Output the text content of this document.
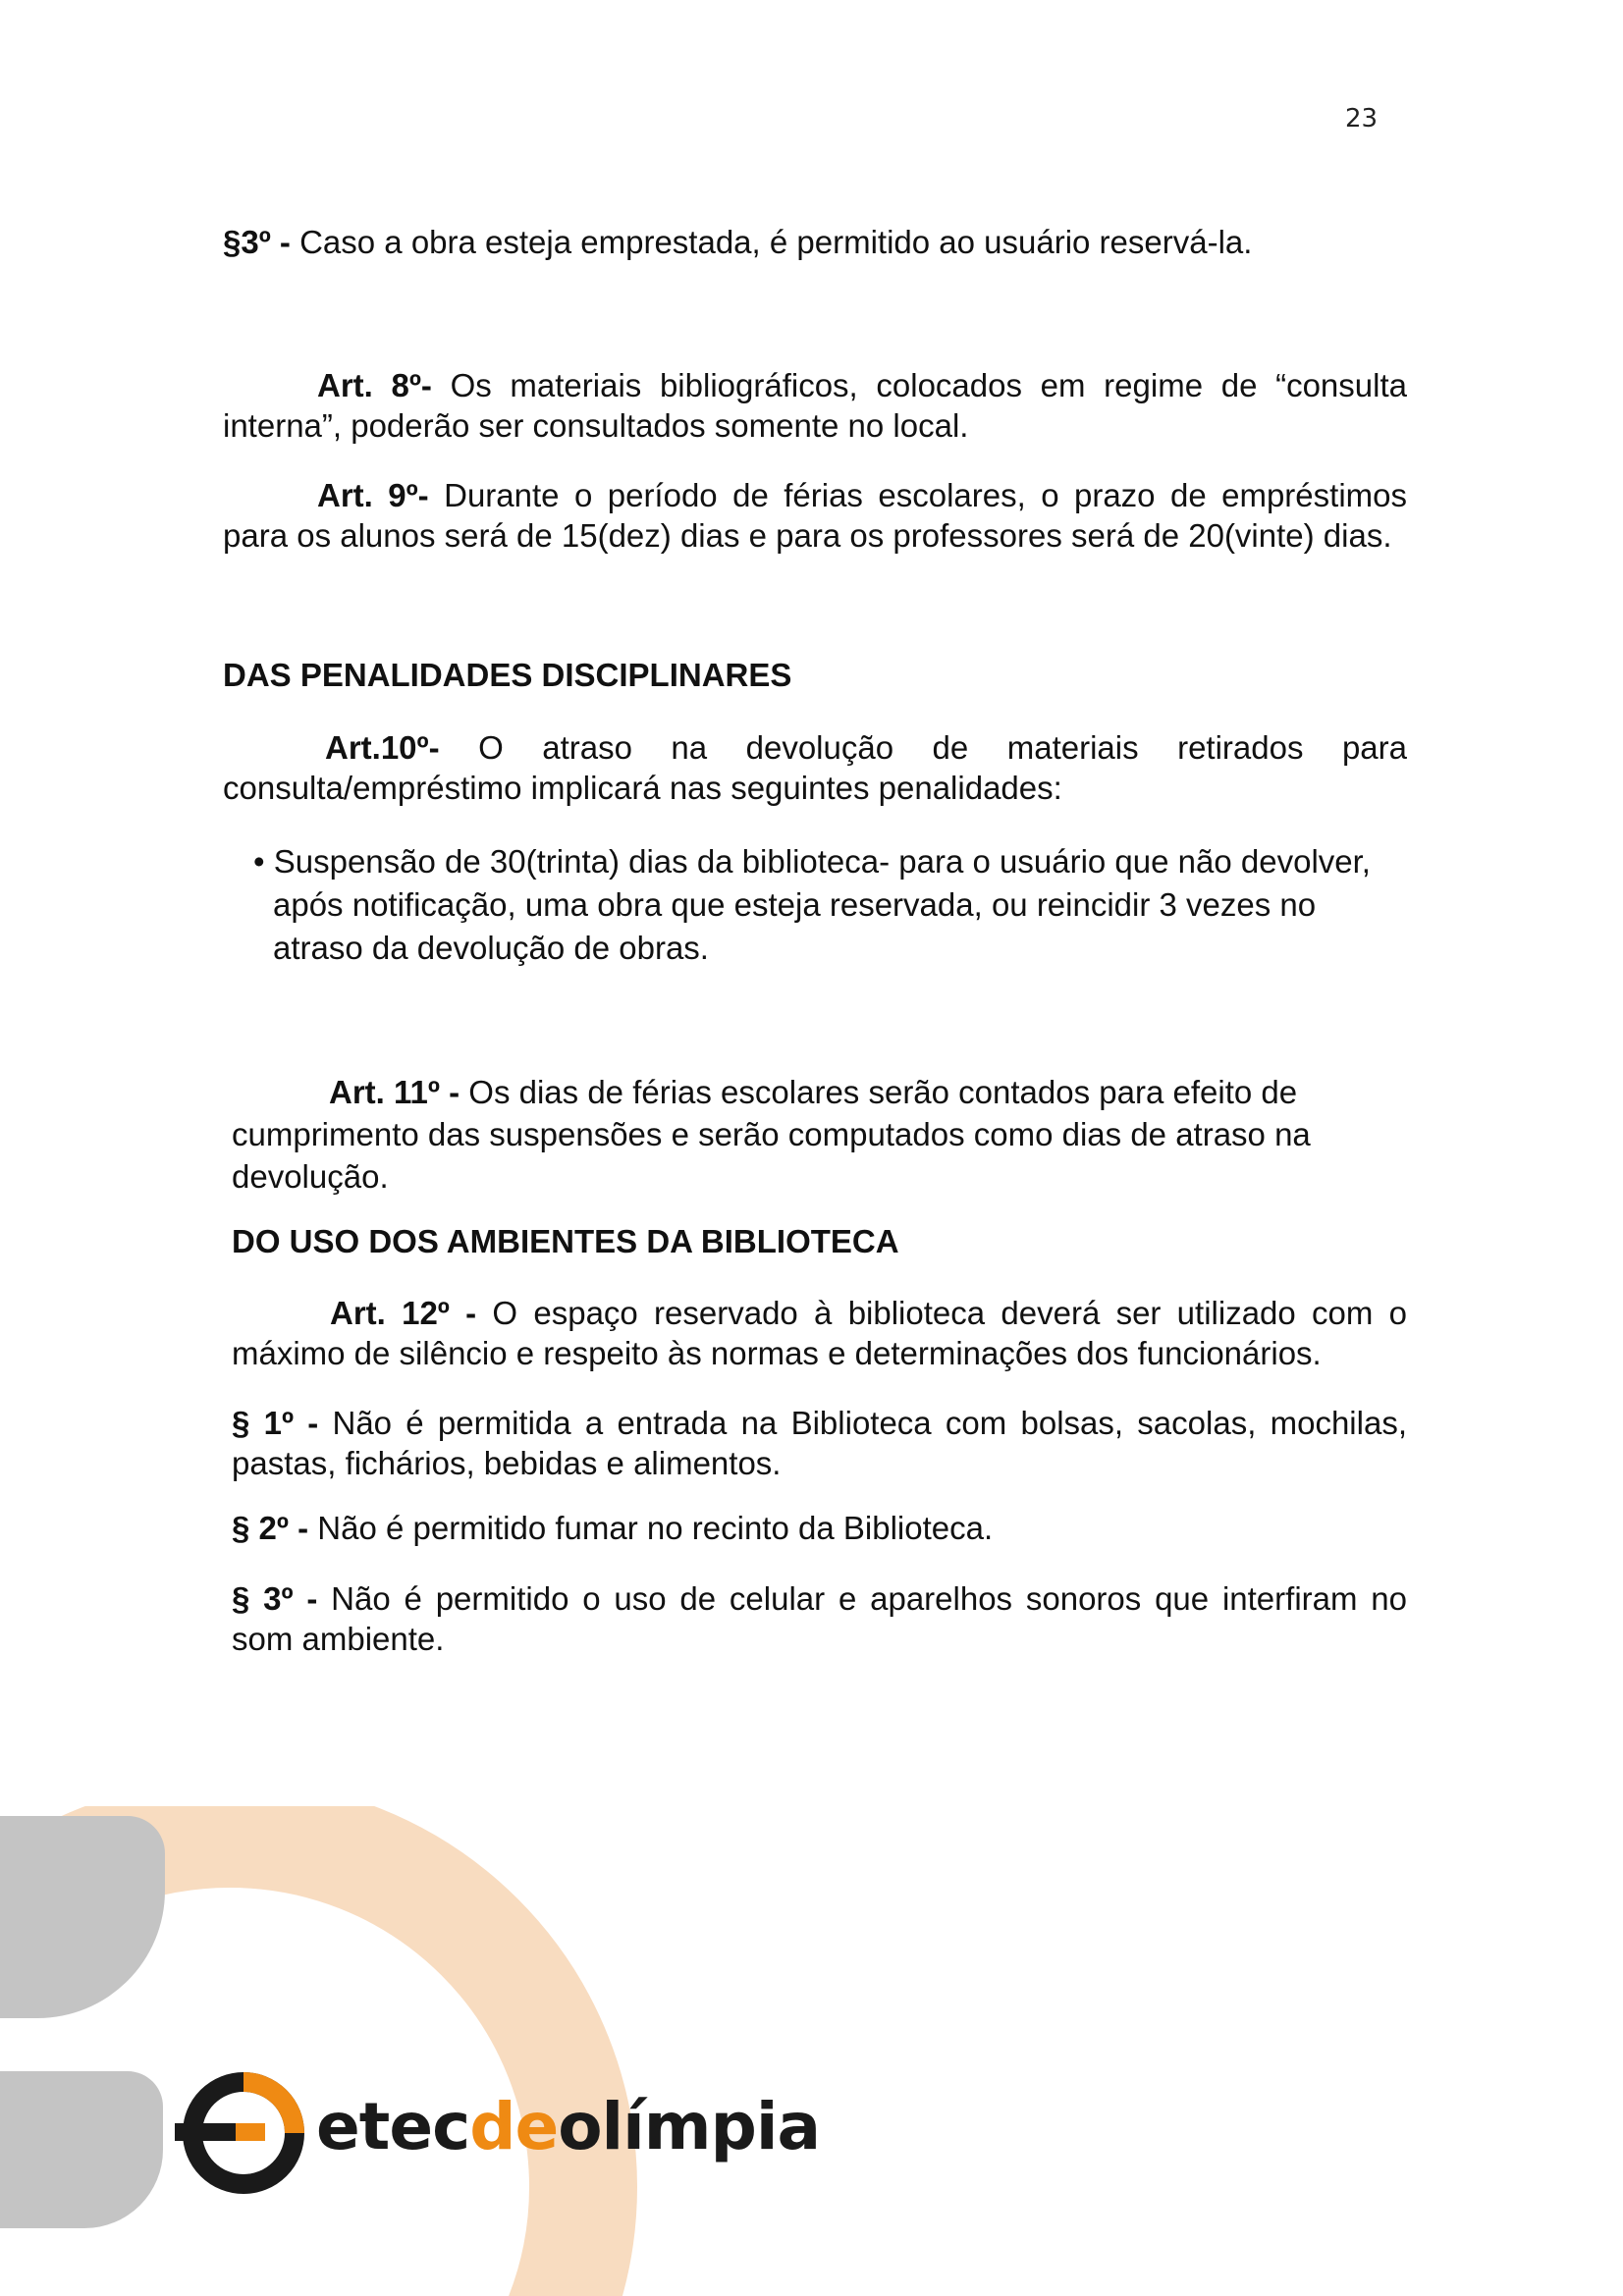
23

§3º - Caso a obra esteja emprestada, é permitido ao usuário reservá-la.

Art. 8º- Os materiais bibliográficos, colocados em regime de “consulta interna”, poderão ser consultados somente no local.

Art. 9º- Durante o período de férias escolares, o prazo de empréstimos para os alunos será de 15(dez) dias e para os professores será de 20(vinte) dias.

DAS PENALIDADES DISCIPLINARES

Art.10º- O atraso na devolução de materiais retirados para consulta/empréstimo implicará nas seguintes penalidades:

• Suspensão de 30(trinta) dias da biblioteca- para o usuário que não devolver,
após notificação, uma obra que esteja reservada, ou reincidir 3 vezes no
atraso da devolução de obras.
Art. 11º - Os dias de férias escolares serão contados para efeito de
cumprimento das suspensões e serão computados como dias de atraso na
devolução.
DO USO DOS AMBIENTES DA BIBLIOTECA

Art. 12º - O espaço reservado à biblioteca deverá ser utilizado com o máximo de silêncio e respeito às normas e determinações dos funcionários.

§ 1º - Não é permitida a entrada na Biblioteca com bolsas, sacolas, mochilas, pastas, fichários, bebidas e alimentos.

§ 2º - Não é permitido fumar no recinto da Biblioteca.

§ 3º - Não é permitido o uso de celular e aparelhos sonoros que interfiram no som ambiente.

etecdeolímpia
